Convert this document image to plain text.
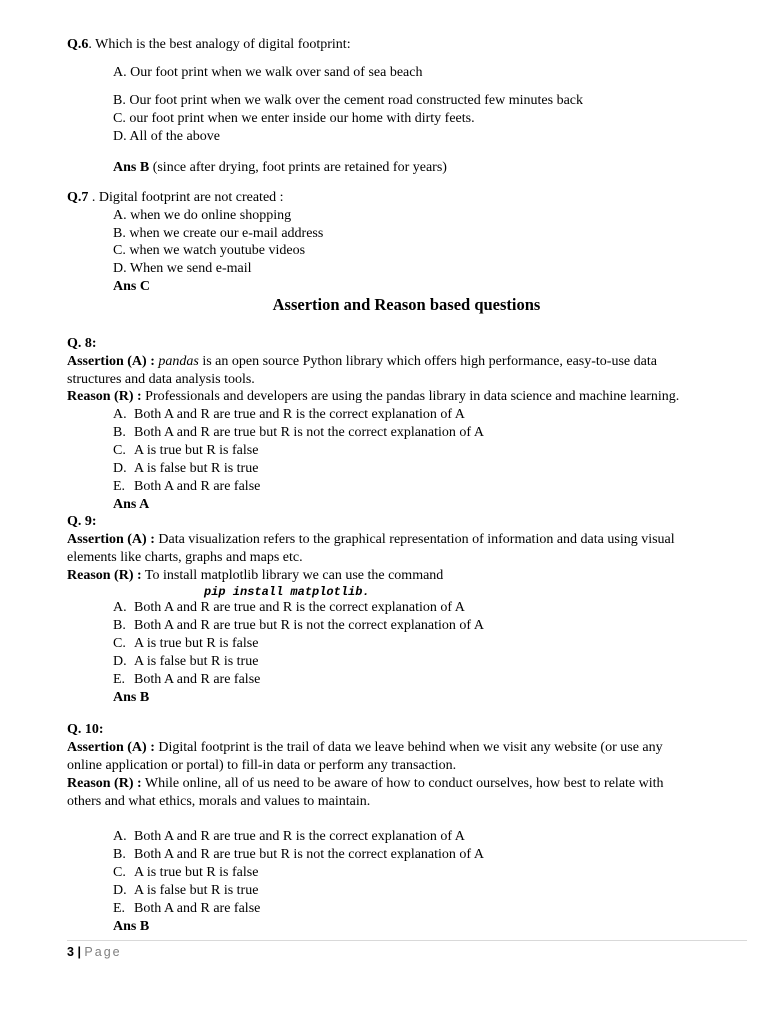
Q.6. Which is the best analogy of digital footprint:
A. Our foot print when we walk over sand of sea beach
B. Our foot print when we walk over the cement road constructed few minutes back
C. our foot print when we enter inside our home with dirty feets.
D. All of the above
Ans B (since after drying, foot prints are retained for years)
Q.7 . Digital footprint are not created :
A. when we do online shopping
B. when we create our e-mail address
C. when we watch youtube videos
D. When we send e-mail
Ans C
Assertion and Reason based questions
Q. 8:
Assertion (A) : pandas is an open source Python library which offers high performance, easy-to-use data
structures and data analysis tools.
Reason (R) : Professionals and developers are using the pandas library in data science and machine learning.
A. Both A and R are true and R is the correct explanation of A
B. Both A and R are true but R is not the correct explanation of A
C. A is true but R is false
D. A is false but R is true
E. Both A and R are false
Ans A
Q. 9:
Assertion (A) : Data visualization refers to the graphical representation of information and data using visual
elements like charts, graphs and maps etc.
Reason (R) : To install matplotlib library we can use the command
pip install matplotlib.
A. Both A and R are true and R is the correct explanation of A
B. Both A and R are true but R is not the correct explanation of A
C. A is true but R is false
D. A is false but R is true
E. Both A and R are false
Ans B
Q. 10:
Assertion (A) : Digital footprint is the trail of data we leave behind when we visit any website (or use any
online application or portal) to fill-in data or perform any transaction.
Reason (R) : While online, all of us need to be aware of how to conduct ourselves, how best to relate with
others and what ethics, morals and values to maintain.
A. Both A and R are true and R is the correct explanation of A
B. Both A and R are true but R is not the correct explanation of A
C. A is true but R is false
D. A is false but R is true
E. Both A and R are false
Ans B
3 | Page
